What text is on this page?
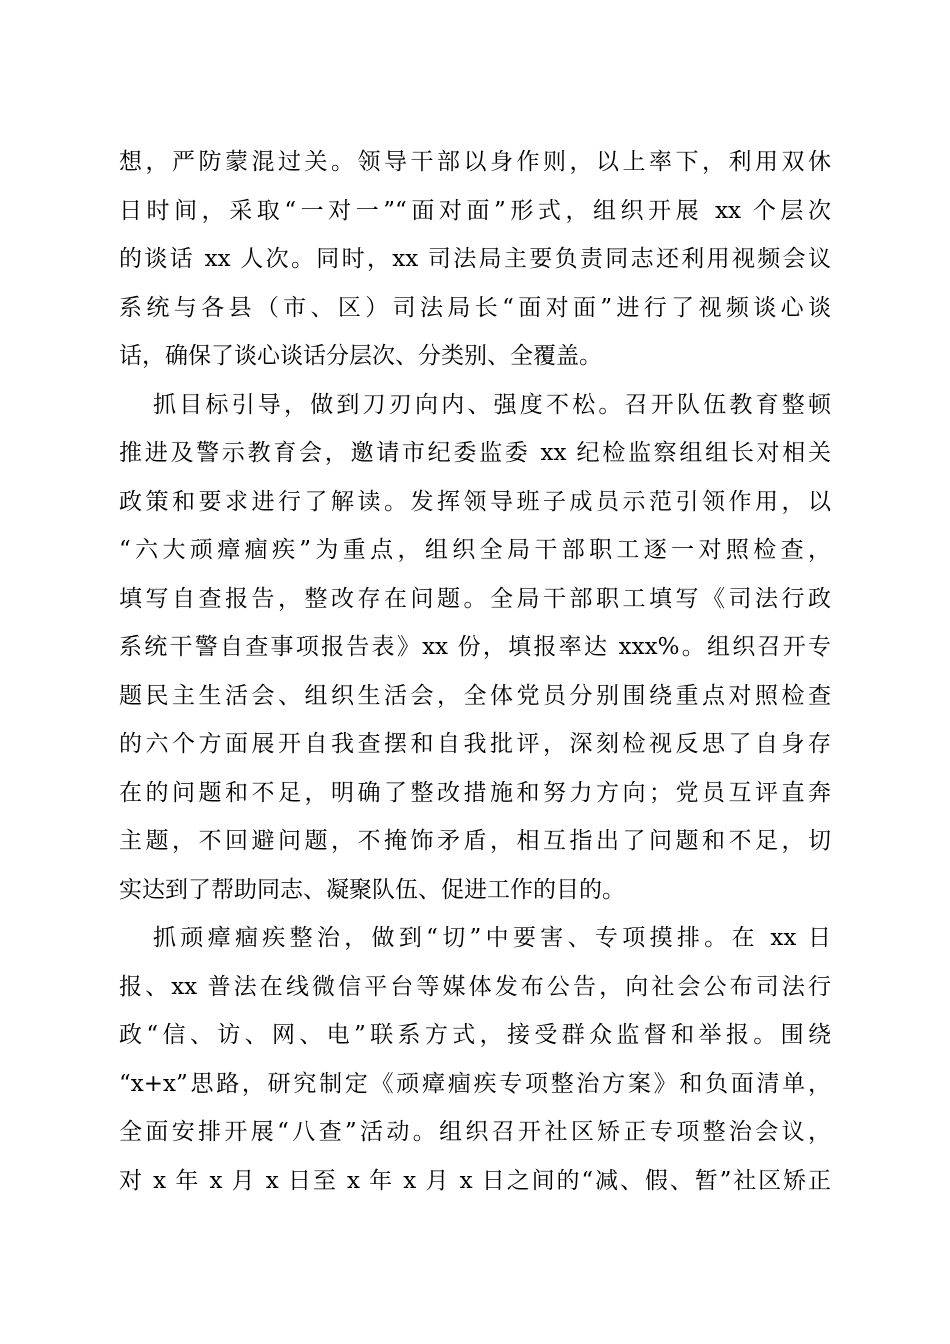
想，严防蒙混过关。领导干部以身作则，以上率下，利用双休
日时间，采取“一对一”“面对面”形式，组织开展 xx 个层次
的谈话 xx 人次。同时，xx 司法局主要负责同志还利用视频会议
系统与各县（市、区）司法局长“面对面”进行了视频谈心谈
话，确保了谈心谈话分层次、分类别、全覆盖。
抓目标引导，做到刀刃向内、强度不松。召开队伍教育整顿
推进及警示教育会，邀请市纪委监委 xx 纪检监察组组长对相关
政策和要求进行了解读。发挥领导班子成员示范引领作用，以
“六大顽瘴痼疾”为重点，组织全局干部职工逐一对照检查，
填写自查报告，整改存在问题。全局干部职工填写《司法行政
系统干警自查事项报告表》xx 份，填报率达 xxx%。组织召开专
题民主生活会、组织生活会，全体党员分别围绕重点对照检查
的六个方面展开自我查摆和自我批评，深刻检视反思了自身存
在的问题和不足，明确了整改措施和努力方向；党员互评直奔
主题，不回避问题，不掩饰矛盾，相互指出了问题和不足，切
实达到了帮助同志、凝聚队伍、促进工作的目的。
抓顽瘴痼疾整治，做到“切”中要害、专项摸排。在 xx 日
报、xx 普法在线微信平台等媒体发布公告，向社会公布司法行
政“信、访、网、电”联系方式，接受群众监督和举报。围绕
“x+x”思路，研究制定《顽瘴痼疾专项整治方案》和负面清单，
全面安排开展“八查”活动。组织召开社区矫正专项整治会议，
对 x 年 x 月 x 日至 x 年 x 月 x 日之间的“减、假、暂”社区矫正
